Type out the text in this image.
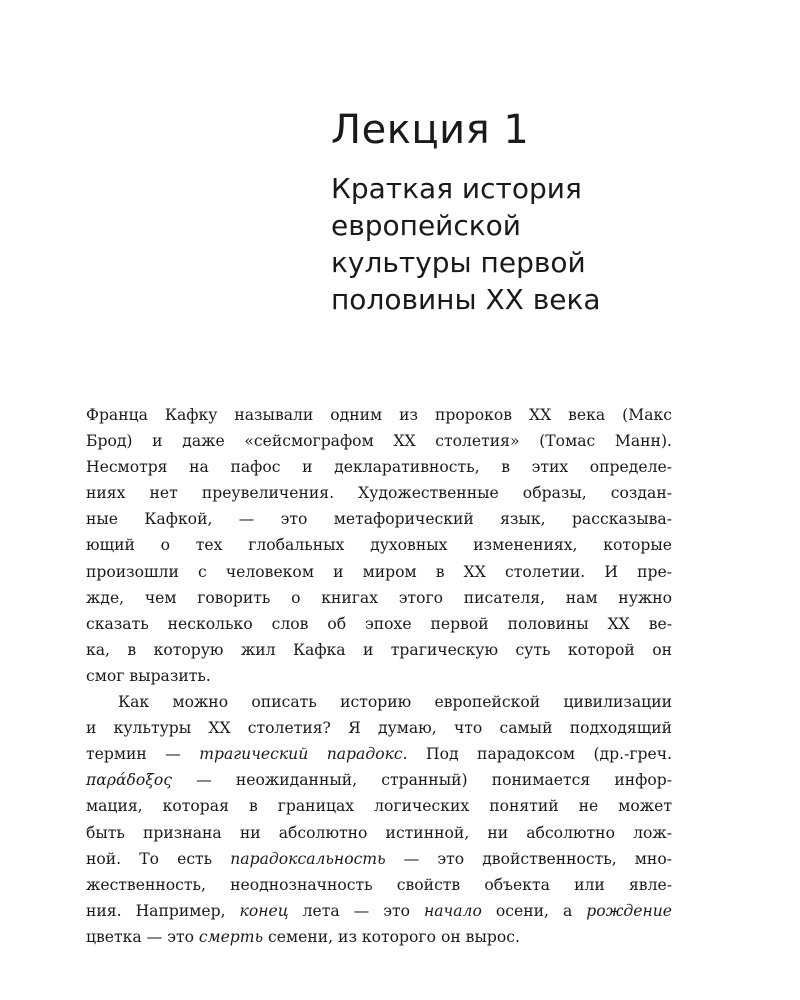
Лекция 1
Краткая история
европейской
культуры первой
половины XX века
Франца Кафку называли одним из пророков XX века (Макс
Брод) и даже «сейсмографом XX столетия» (Томас Манн).
Несмотря на пафос и декларативность, в этих определе-
ниях нет преувеличения. Художественные образы, создан-
ные Кафкой, — это метафорический язык, рассказыва-
ющий о тех глобальных духовных изменениях, которые
произошли с человеком и миром в XX столетии. И пре-
жде, чем говорить о книгах этого писателя, нам нужно
сказать несколько слов об эпохе первой половины XX ве-
ка, в которую жил Кафка и трагическую суть которой он
смог выразить.
Как можно описать историю европейской цивилизации
и культуры XX столетия? Я думаю, что самый подходящий
термин — трагический парадокс. Под парадоксом (др.-греч.
παράδοξος — неожиданный, странный) понимается инфор-
мация, которая в границах логических понятий не может
быть признана ни абсолютно истинной, ни абсолютно лож-
ной. То есть парадоксальность — это двойственность, мно-
жественность, неоднозначность свойств объекта или явле-
ния. Например, конец лета — это начало осени, а рождение
цветка — это смерть семени, из которого он вырос.
